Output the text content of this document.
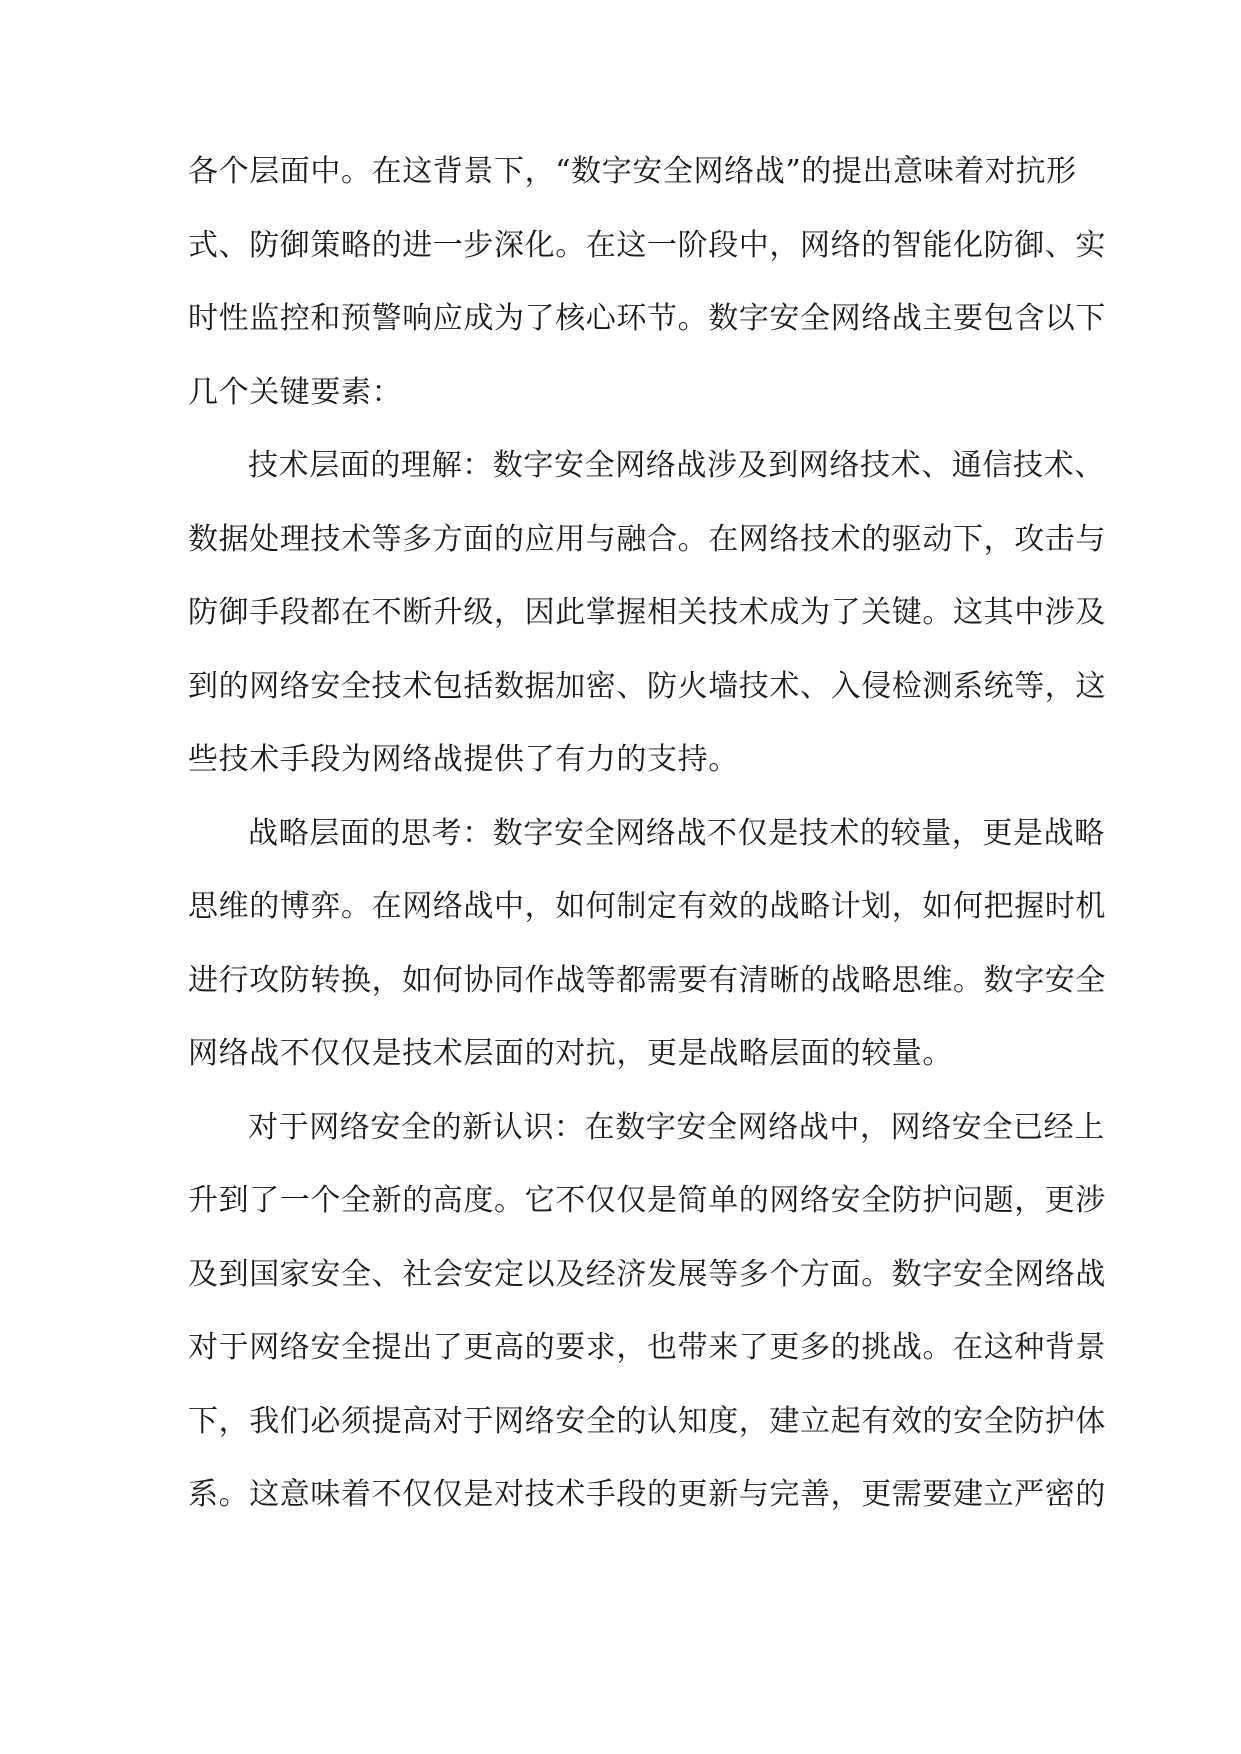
各个层面中。在这背景下，“数字安全网络战”的提出意味着对抗形
式、防御策略的进一步深化。在这一阶段中，网络的智能化防御、实
时性监控和预警响应成为了核心环节。数字安全网络战主要包含以下
几个关键要素：
技术层面的理解：数字安全网络战涉及到网络技术、通信技术、
数据处理技术等多方面的应用与融合。在网络技术的驱动下，攻击与
防御手段都在不断升级，因此掌握相关技术成为了关键。这其中涉及
到的网络安全技术包括数据加密、防火墙技术、入侵检测系统等，这
些技术手段为网络战提供了有力的支持。
战略层面的思考：数字安全网络战不仅是技术的较量，更是战略
思维的博弈。在网络战中，如何制定有效的战略计划，如何把握时机
进行攻防转换，如何协同作战等都需要有清晰的战略思维。数字安全
网络战不仅仅是技术层面的对抗，更是战略层面的较量。
对于网络安全的新认识：在数字安全网络战中，网络安全已经上
升到了一个全新的高度。它不仅仅是简单的网络安全防护问题，更涉
及到国家安全、社会安定以及经济发展等多个方面。数字安全网络战
对于网络安全提出了更高的要求，也带来了更多的挑战。在这种背景
下，我们必须提高对于网络安全的认知度，建立起有效的安全防护体
系。这意味着不仅仅是对技术手段的更新与完善，更需要建立严密的
